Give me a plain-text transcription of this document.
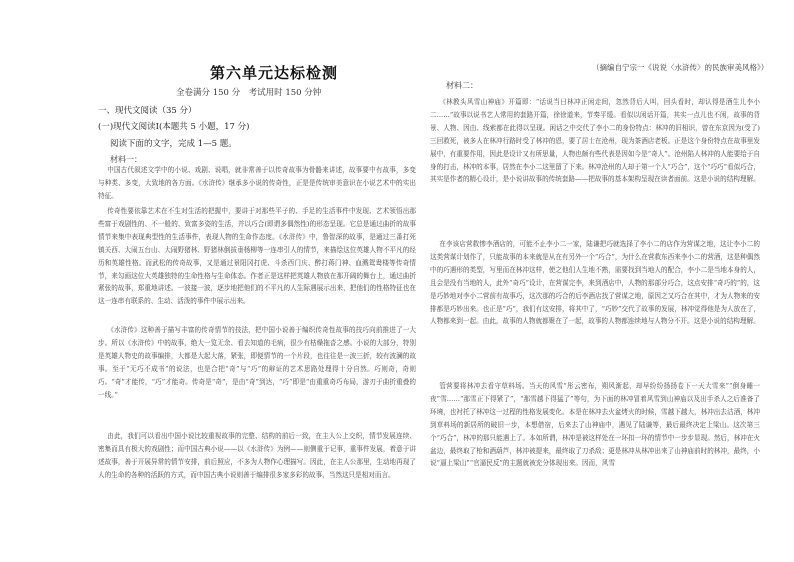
第六单元达标检测
全卷满分 150 分　考试用时 150 分钟
一、现代文阅读（35 分）
(一)现代文阅读Ⅰ(本题共 5 小题，17 分)
阅读下面的文字，完成 1—5 题。
材料一：
中国古代叙述文学中的小说、戏剧、说唱，就非常善于以传奇故事为骨骼来讲述，故事要中有故事，多变与种类、多变，大致地的各方面。《水浒传》继承多小说的传奇性，正是是传统审美意识在小说艺术中的实出特征。
传奇性要依靠艺术在不生对生活的把握中，要讲于对那些平子的、手足的生活事件中发现、艺术领悟出那些富于戏剧性的、不一般的、致富多姿的生活，并以巧合(即谓多偶然性)的形态呈现。它总是通过曲折的故事情节来集中表现典型性的生活事件，表现人物的生命作态度。《水浒传》中，鲁智深的故事，是通过三番打死镇关西、大闹五台山、大闹野猪林、野猪林倒拔垂杨柳等一连串引人的情节，来描绘这位英雄人物不平凡的经历和英雄性格。而武松的传奇故事，又是通过景阳冈打虎、斗杀西门庆、醉打蒋门神、血溅鸳鸯楼等传奇情节，来勾画这位大英雄独特的生命性格与生命体态。作者正是这样把英雄人物放在那开阔的舞台上，通过曲折紧张的故事，郑重地讲述。一波接一波，逐步地把他们的不平凡的人生际遇展示出来，把他们的性格特征也在这一连串有联系的、生动、活泼的事件中展示出来。
《水浒传》这种善于描写丰富的传奇情节的技法，把中国小说善于编织传奇性故事的技巧向前推进了一大步。所以《水浒传》中的故事，绝大一览无余、看去知道的毛病，很少有枯燥拖沓之感。小说的大部分，特别是英雄人物史的故事编排，大都是大起大落，紧张，即便情节的一个片段，也往往是一波三折，较有波澜的故事。至于“无巧不成书”的说法，也是合把“奇”与“巧”的辩证的艺术思路处理得十分自然。巧则奇，奇则巧。“奇”才能传，“巧”才能奇。传奇是“奇”，是由“奇”到达，“巧”即是“由重重奇巧布局，游刃于曲折重叠的一线。”
由此，我们可以看出中国小说比较重视故事的完整、结构的前后一致，在主人公上交织，情节发展连续、密集而具有极大的戏剧性；而中国古典小说——以《水浒传》为例——则侧重于记事，重事件发展，着意于讲述故事，善于开展异常的情节安排，前后照应，不多为人物作心理描写。因此，在主人公那里，生动地再现了人的生命的各种的活跃的方式，而中国古典小说则善于编排很多家多彩的故事，当然这只是相对而言。
（摘编自宁宗一《说说〈水浒传〉的民族审美风格》）
材料二：
《林教头风雪山神庙》开篇即：“话说当日林冲正闲走间，忽然背后人叫，回头看时，却认得是酒生儿李小二……”故事以说书艺人常用的套路开篇，徐徐道来，节奏平缓。看似以闲话开篇，其实一点儿也不闲，故事的背景、人物、因由、线索都在此得以呈现。闲话之中交代了李小二的身份特点：林冲的旧相识，曾在东京因为(受了)三回救死，被多人在林冲行路时受了林冲的恩，要了居士在沧州，现为茶酒店老板。正是这个身份特点在故事里发展中，有重要作用，因此是设计又有所思量，人物也颇有些代表是因如今是“奇人”。沧州陷人林冲的人能要给于自身的打击，林冲的本事，居然在李小二这里留了下来。林冲沧州的人却于第一个人“巧合”，这个“巧巧”看似巧合，其实是作者的精心设计，是小说讲故事的传统套路——把故事的基本架构呈现在读者面前。这是小说的结构理解。
在李该店营救惨李酒店的，可能不止李小二一家，陆谦把巧就选择了李小二的店作为营谋之地，这让李小二的这类营谋计划作了，只能故事的本来就是从在有另外一个“巧合”，为什么在营救东西来李小二的营酒，这是种偶然中的巧遇形的类型，写里而在林冲这样，使之他们人生地不熟，需要找到当地人的配合，李小二是当地本身的人，且会是没有当地的人，此外“奇巧”设计，在营谋完李，来到酒店中，人物的那部分巧合，这点安排“奇巧的”的，这是巧妙地对李小二营前有故事巧，这次那的巧合的后李酒店找了营谋之地，原因之又巧合在其中，才为人物来的安排都是巧妙出来。也正是“巧”，我们有这安排，将其中了，“巧妙”交代了故事的发展，林冲觉得他是为人放在了，人物都来到一起。由此，故事的人物就都聚在了一起，故事的人物都连续地与人物分不开。这是小说的结构理解。
管营要将林冲去看守草料场。当天的风雪“彤云密布，朔风渐起，却早纷纷扬扬卷下一天大雪来”“倒身睡一夜”雪……“那雪正下得紧了”，“那雪越下得猛了”等句，为下面的林冲冒着风雪到山神庙以及出手杀人之后准备了环境，也衬托了林冲这一过程的性格发展变化。本是在林冲去火盆烤火的时候，雪越下越大，林冲出去沽酒，林冲到草料场的新居所的破旧一步，本想借宿，后来去了山神庙中，遇见了陆谦等，最后最终决定上梁山。这次第三个“巧合”，林冲的那只能遇上了。本如所谓，林冲是被这样处在一环扣一环的情节中一步步显现。然后，林冲在火盆边，最终取了枪和酒葫芦，林冲被提来，最终取了刀杀敌；更是林冲从林冲出来了山神庙前时的林冲，最终，小说“逼上梁山”“官逼民反”的主题就被充分体现出来。因而，风雪
